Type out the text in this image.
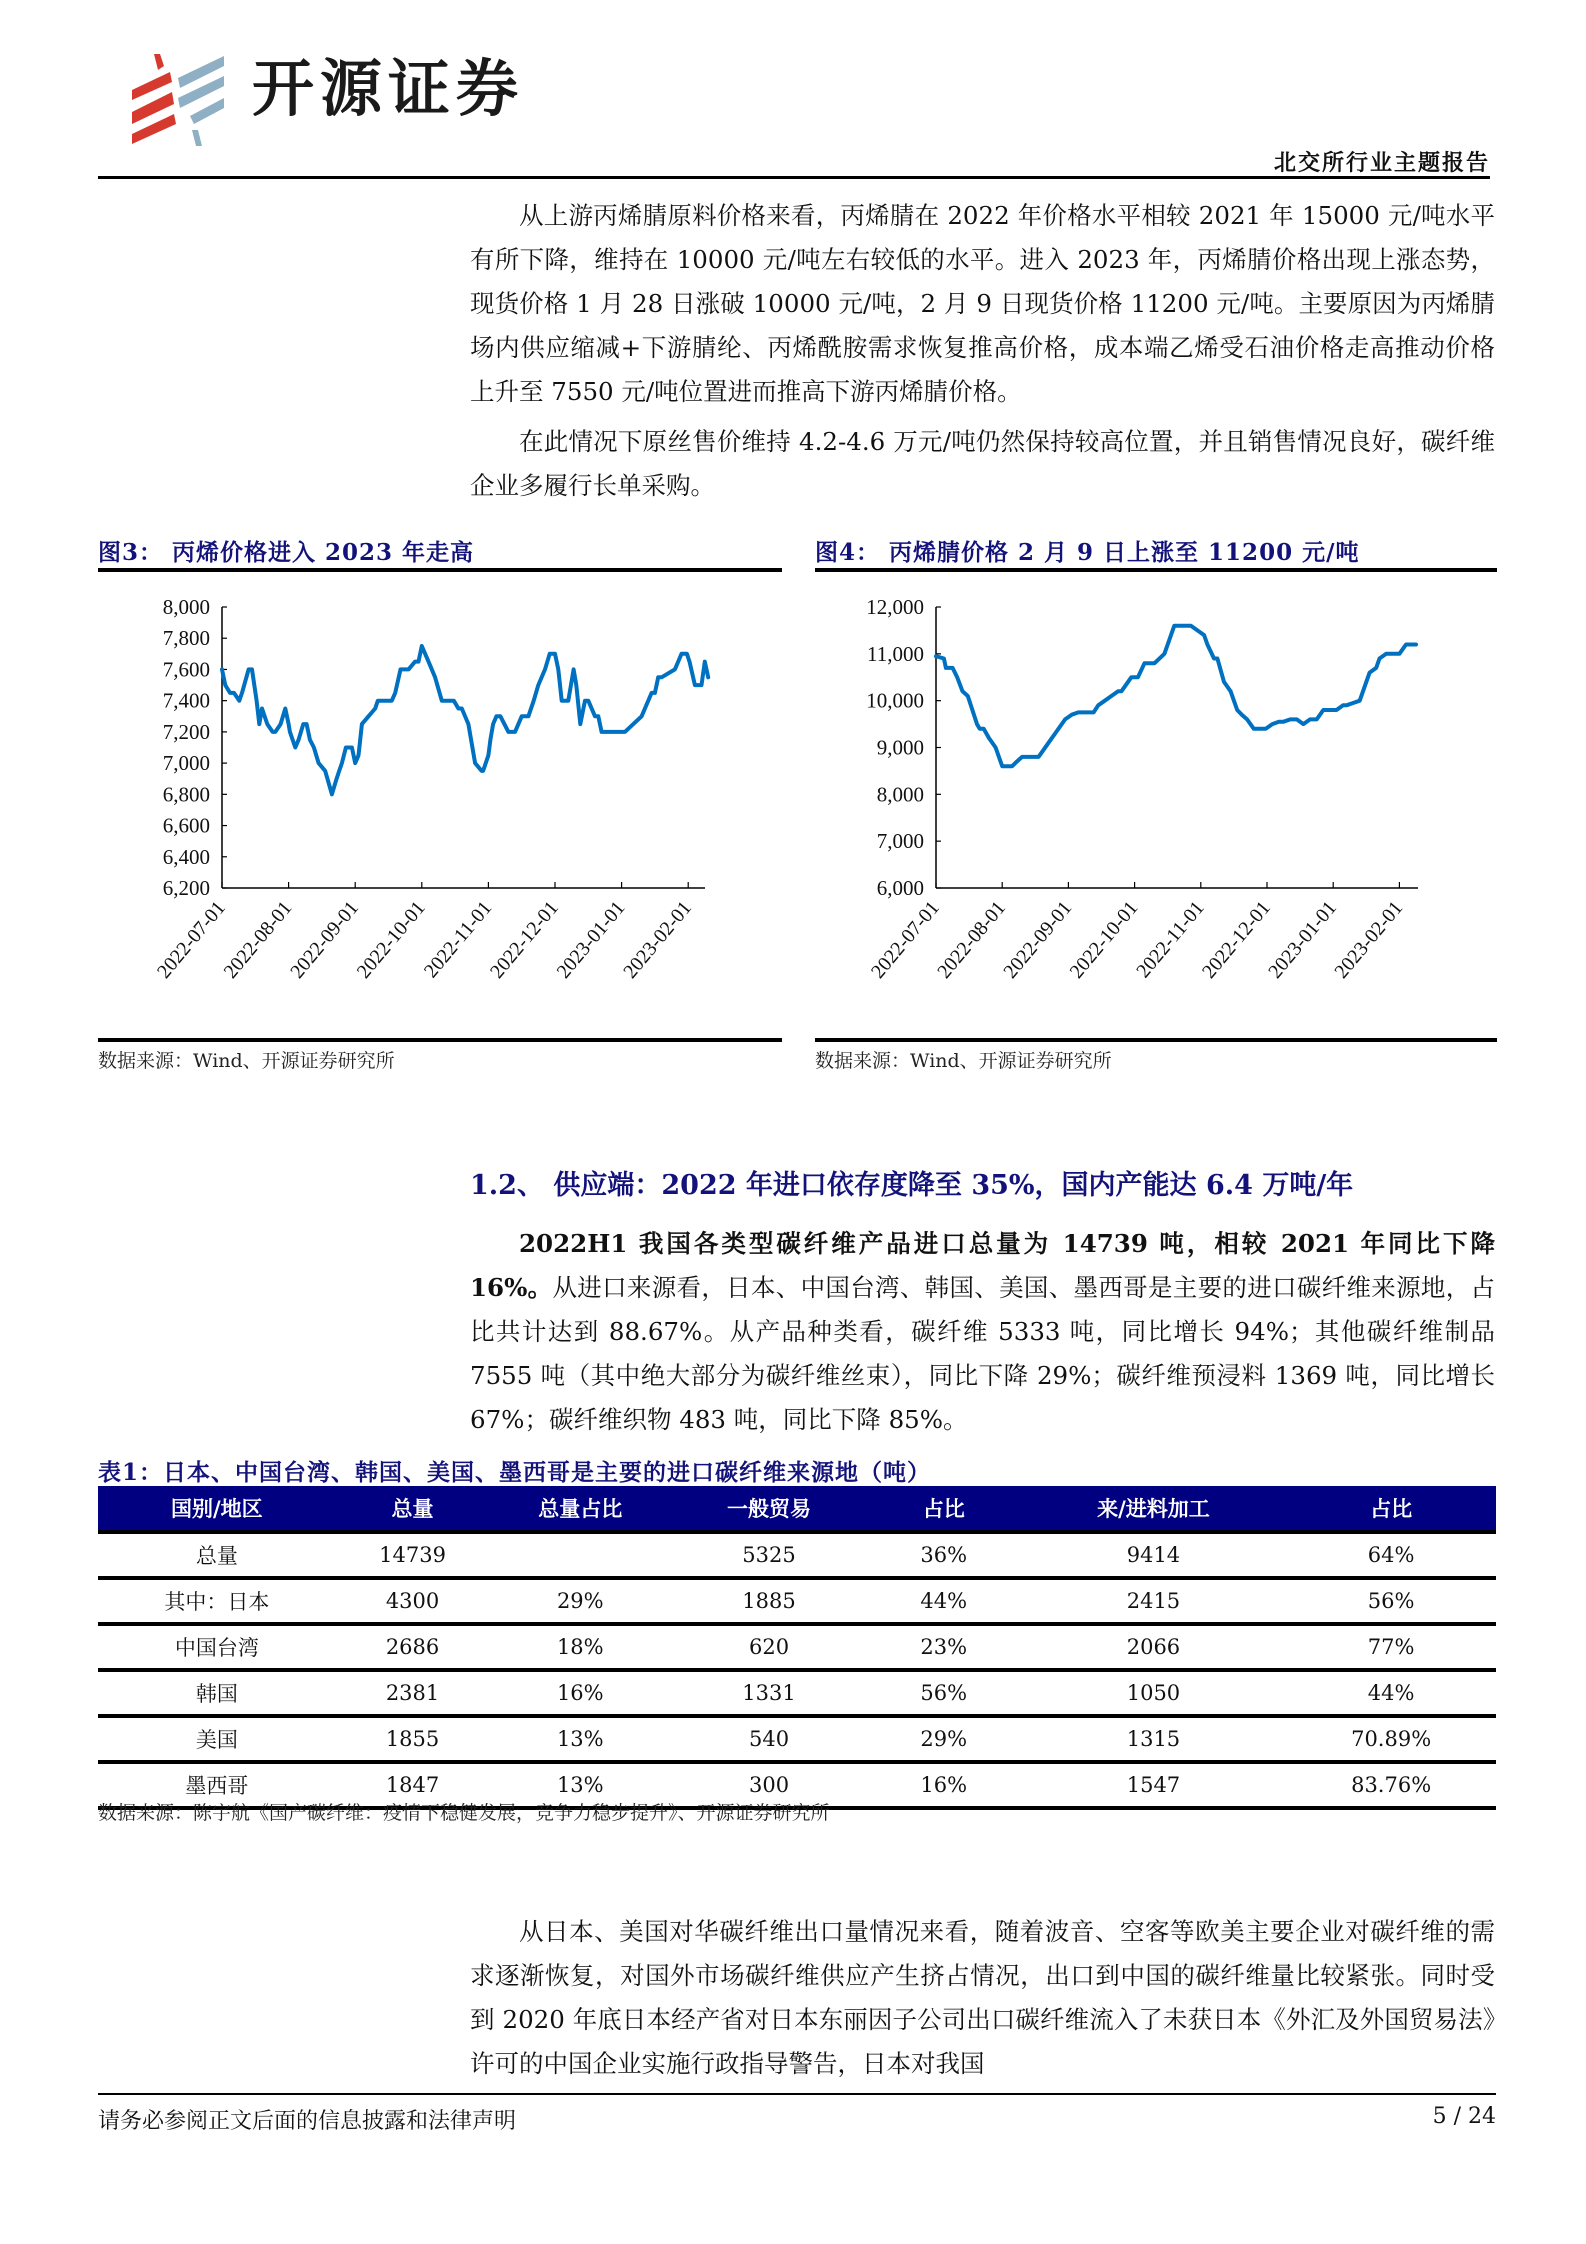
开源证券
北交所行业主题报告

从上游丙烯腈原料价格来看，丙烯腈在 2022 年价格水平相较 2021 年 15000 元/吨水平有所下降，维持在 10000 元/吨左右较低的水平。进入 2023 年，丙烯腈价格出现上涨态势，现货价格 1 月 28 日涨破 10000 元/吨，2 月 9 日现货价格 11200 元/吨。主要原因为丙烯腈场内供应缩减+下游腈纶、丙烯酰胺需求恢复推高价格，成本端乙烯受石油价格走高推动价格上升至 7550 元/吨位置进而推高下游丙烯腈价格。

在此情况下原丝售价维持 4.2-4.6 万元/吨仍然保持较高位置，并且销售情况良好，碳纤维企业多履行长单采购。

图3： 丙烯价格进入 2023 年走高
8,000
7,800
7,600
7,400
7,200
7,000
6,800
6,600
6,400
6,200
2022-07-01
2022-08-01
2022-09-01
2022-10-01
2022-11-01
2022-12-01
2023-01-01
2023-02-01
数据来源：Wind、开源证券研究所
图4： 丙烯腈价格 2 月 9 日上涨至 11200 元/吨
12,000
11,000
10,000
9,000
8,000
7,000
6,000
2022-07-01
2022-08-01
2022-09-01
2022-10-01
2022-11-01
2022-12-01
2023-01-01
2023-02-01
数据来源：Wind、开源证券研究所
1.2、 供应端：2022 年进口依存度降至 35%，国内产能达 6.4 万吨/年

2022H1 我国各类型碳纤维产品进口总量为 14739 吨，相较 2021 年同比下降 16%。从进口来源看，日本、中国台湾、韩国、美国、墨西哥是主要的进口碳纤维来源地，占比共计达到 88.67%。从产品种类看，碳纤维 5333 吨，同比增长 94%；其他碳纤维制品 7555 吨（其中绝大部分为碳纤维丝束），同比下降 29%；碳纤维预浸料 1369 吨，同比增长 67%；碳纤维织物 483 吨，同比下降 85%。

表1：日本、中国台湾、韩国、美国、墨西哥是主要的进口碳纤维来源地（吨）
国别/地区	总量	总量占比	一般贸易	占比	来/进料加工	占比
总量	14739		5325	36%	9414	64%
其中：日本	4300	29%	1885	44%	2415	56%
中国台湾	2686	18%	620	23%	2066	77%
韩国	2381	16%	1331	56%	1050	44%
美国	1855	13%	540	29%	1315	70.89%
墨西哥	1847	13%	300	16%	1547	83.76%
数据来源：陈宇航《国产碳纤维：疫情下稳健发展，竞争力稳步提升》、开源证券研究所

从日本、美国对华碳纤维出口量情况来看，随着波音、空客等欧美主要企业对碳纤维的需求逐渐恢复，对国外市场碳纤维供应产生挤占情况，出口到中国的碳纤维量比较紧张。同时受到 2020 年底日本经产省对日本东丽因子公司出口碳纤维流入了未获日本《外汇及外国贸易法》许可的中国企业实施行政指导警告，日本对我国

请务必参阅正文后面的信息披露和法律声明	5 / 24
